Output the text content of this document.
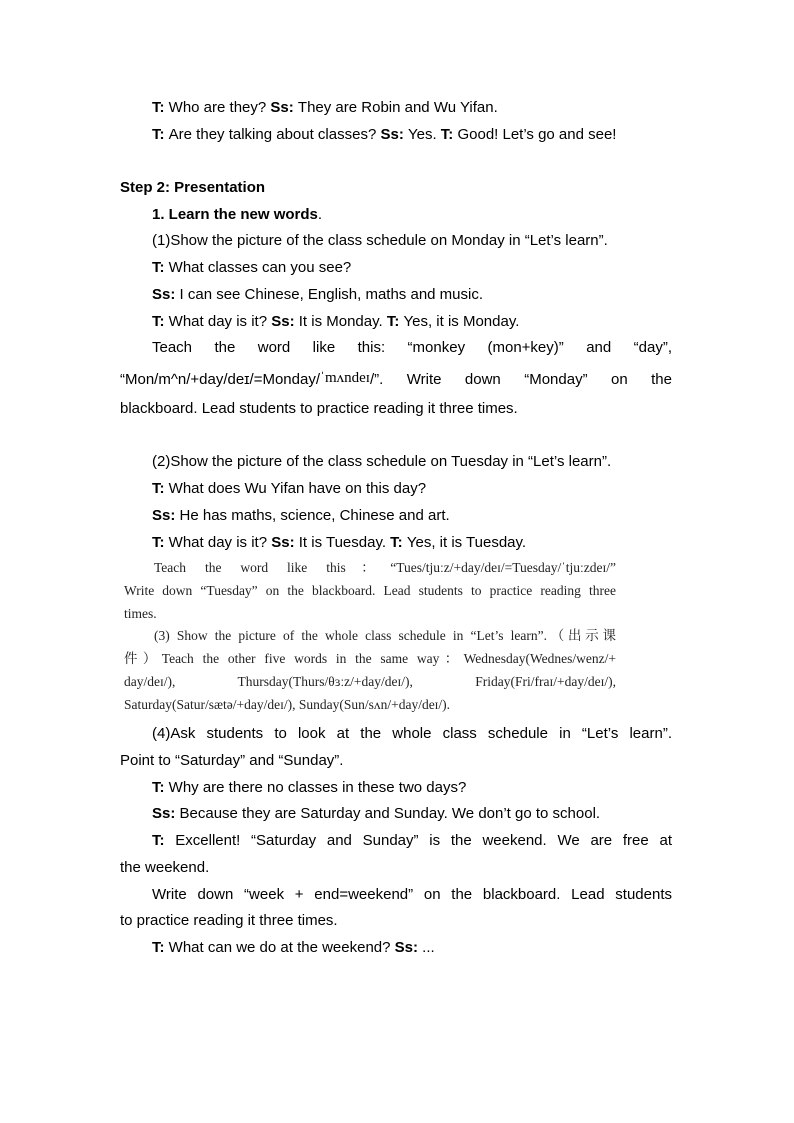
T: Who are they? Ss: They are Robin and Wu Yifan.
T: Are they talking about classes? Ss: Yes. T: Good! Let’s go and see!
Step 2: Presentation
1. Learn the new words.
(1)Show the picture of the class schedule on Monday in “Let’s learn”.
T: What classes can you see?
Ss: I can see Chinese, English, maths and music.
T: What day is it? Ss: It is Monday. T: Yes, it is Monday.
Teach the word like this: “monkey (mon+key)” and “day”,
“Mon/m^n/+day/deɪ/=Monday/ˈmʌndeɪ/”. Write down “Monday” on the
blackboard. Lead students to practice reading it three times.
(2)Show the picture of the class schedule on Tuesday in “Let’s learn”.
T: What does Wu Yifan have on this day?
Ss: He has maths, science, Chinese and art.
T: What day is it? Ss: It is Tuesday. T: Yes, it is Tuesday.
Teach the word like this：“Tues/tjuːz/+day/deɪ/=Tuesday/ˈtjuːzdeɪ/”
Write down “Tuesday” on the blackboard. Lead students to practice reading three
times.
(3) Show the picture of the whole class schedule in “Let’s learn”.（出示课
件）Teach the other five words in the same way：Wednesday(Wednes/wenz/+
day/deɪ/), Thursday(Thurs/θɜːz/+day/deɪ/), Friday(Fri/fraɪ/+day/deɪ/),
Saturday(Satur/sætə/+day/deɪ/), Sunday(Sun/sʌn/+day/deɪ/).
(4)Ask students to look at the whole class schedule in “Let’s learn”.
Point to “Saturday” and “Sunday”.
T: Why are there no classes in these two days?
Ss: Because they are Saturday and Sunday. We don’t go to school.
T: Excellent! “Saturday and Sunday” is the weekend. We are free at
the weekend.
Write down “week + end=weekend” on the blackboard. Lead students
to practice reading it three times.
T: What can we do at the weekend? Ss: ...
